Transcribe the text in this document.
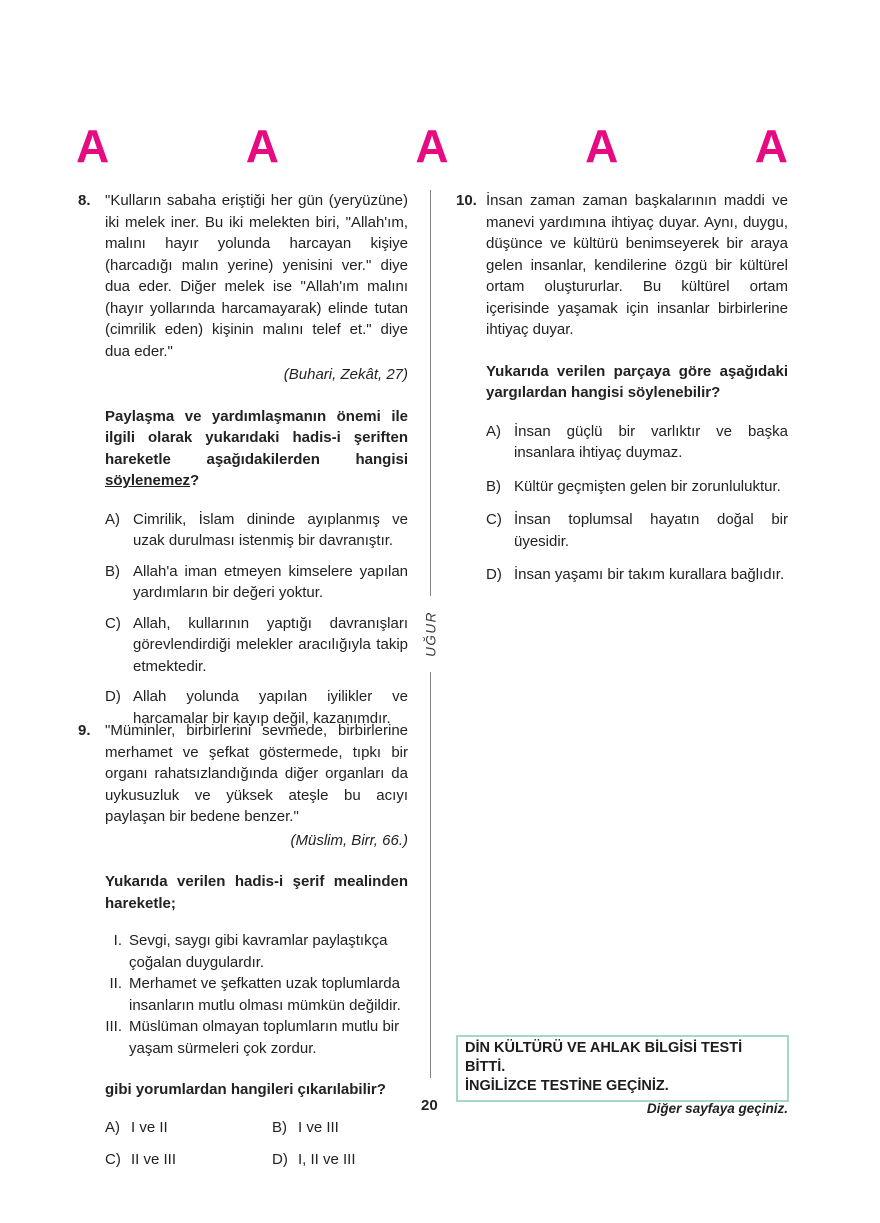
A	A	A	A	A
UĞUR
8. "Kulların sabaha eriştiği her gün (yeryüzüne) iki melek iner. Bu iki melekten biri, "Allah'ım, malını hayır yolunda harcayan kişiye (harcadığı malın yerine) yenisini ver." diye dua eder. Diğer melek ise "Allah'ım malını (hayır yollarında harcamayarak) elinde tutan (cimrilik eden) kişinin malını telef et." diye dua eder."
(Buhari, Zekât, 27)
Paylaşma ve yardımlaşmanın önemi ile ilgili olarak yukarıdaki hadis-i şeriften hareketle aşağıdakilerden hangisi söylenemez?
A) Cimrilik, İslam dininde ayıplanmış ve uzak durulması istenmiş bir davranıştır.
B) Allah'a iman etmeyen kimselere yapılan yardımların bir değeri yoktur.
C) Allah, kullarının yaptığı davranışları görevlendirdiği melekler aracılığıyla takip etmektedir.
D) Allah yolunda yapılan iyilikler ve harcamalar bir kayıp değil, kazanımdır.
9. "Müminler, birbirlerini sevmede, birbirlerine merhamet ve şefkat göstermede, tıpkı bir organı rahatsızlandığında diğer organları da uykusuzluk ve yüksek ateşle bu acıyı paylaşan bir bedene benzer."
(Müslim, Birr, 66.)
Yukarıda verilen hadis-i şerif mealinden hareketle;
I. Sevgi, saygı gibi kavramlar paylaştıkça çoğalan duygulardır.
II. Merhamet ve şefkatten uzak toplumlarda insanların mutlu olması mümkün değildir.
III. Müslüman olmayan toplumların mutlu bir yaşam sürmeleri çok zordur.
gibi yorumlardan hangileri çıkarılabilir?
A) I ve II	B) I ve III
C) II ve III	D) I, II ve III
10. İnsan zaman zaman başkalarının maddi ve manevi yardımına ihtiyaç duyar. Aynı, duygu, düşünce ve kültürü benimseyerek bir araya gelen insanlar, kendilerine özgü bir kültürel ortam oluştururlar. Bu kültürel ortam içerisinde yaşamak için insanlar birbirlerine ihtiyaç duyar.
Yukarıda verilen parçaya göre aşağıdaki yargılardan hangisi söylenebilir?
A) İnsan güçlü bir varlıktır ve başka insanlara ihtiyaç duymaz.
B) Kültür geçmişten gelen bir zorunluluktur.
C) İnsan toplumsal hayatın doğal bir üyesidir.
D) İnsan yaşamı bir takım kurallara bağlıdır.
DİN KÜLTÜRÜ VE AHLAK BİLGİSİ TESTİ BİTTİ.
İNGİLİZCE TESTİNE GEÇİNİZ.
20	Diğer sayfaya geçiniz.
